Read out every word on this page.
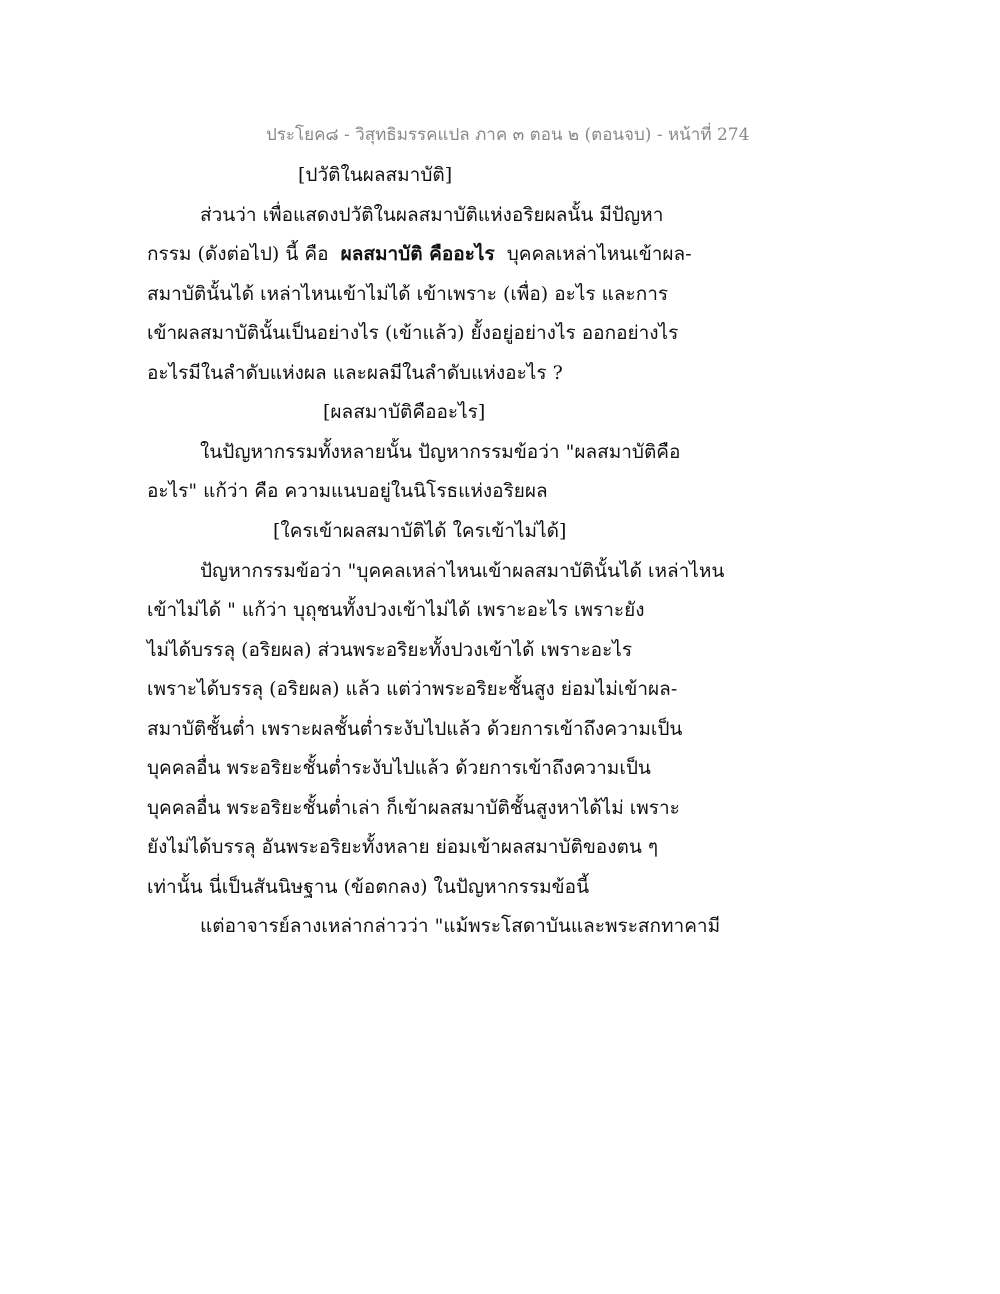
ประโยค๘ - วิสุทธิมรรคแปล ภาค ๓ ตอน ๒ (ตอนจบ) - หน้าที่ 274
[ปวัติในผลสมาบัติ]
ส่วนว่า เพื่อแสดงปวัติในผลสมาบัติแห่งอริยผลนั้น มีปัญหา
กรรม (ดังต่อไป) นี้ คือ ผลสมาบัติ คืออะไร บุคคลเหล่าไหนเข้าผล-
สมาบัตินั้นได้ เหล่าไหนเข้าไม่ได้ เข้าเพราะ (เพื่อ) อะไร และการ
เข้าผลสมาบัตินั้นเป็นอย่างไร (เข้าแล้ว) ยั้งอยู่อย่างไร ออกอย่างไร
อะไรมีในลำดับแห่งผล และผลมีในลำดับแห่งอะไร ?
[ผลสมาบัติคืออะไร]
ในปัญหากรรมทั้งหลายนั้น ปัญหากรรมข้อว่า "ผลสมาบัติคือ
อะไร" แก้ว่า คือ ความแนบอยู่ในนิโรธแห่งอริยผล
[ใครเข้าผลสมาบัติได้ ใครเข้าไม่ได้]
ปัญหากรรมข้อว่า "บุคคลเหล่าไหนเข้าผลสมาบัตินั้นได้ เหล่าไหน
เข้าไม่ได้ " แก้ว่า บุถุชนทั้งปวงเข้าไม่ได้ เพราะอะไร เพราะยัง
ไม่ได้บรรลุ (อริยผล) ส่วนพระอริยะทั้งปวงเข้าได้ เพราะอะไร
เพราะได้บรรลุ (อริยผล) แล้ว แต่ว่าพระอริยะชั้นสูง ย่อมไม่เข้าผล-
สมาบัติชั้นต่ำ เพราะผลชั้นต่ำระงับไปแล้ว ด้วยการเข้าถึงความเป็น
บุคคลอื่น พระอริยะชั้นต่ำระงับไปแล้ว ด้วยการเข้าถึงความเป็น
บุคคลอื่น พระอริยะชั้นต่ำเล่า ก็เข้าผลสมาบัติชั้นสูงหาได้ไม่ เพราะ
ยังไม่ได้บรรลุ อันพระอริยะทั้งหลาย ย่อมเข้าผลสมาบัติของตน ๆ
เท่านั้น นี่เป็นสันนิษฐาน (ข้อตกลง) ในปัญหากรรมข้อนี้
แต่อาจารย์ลางเหล่ากล่าวว่า "แม้พระโสดาบันและพระสกทาคามี
